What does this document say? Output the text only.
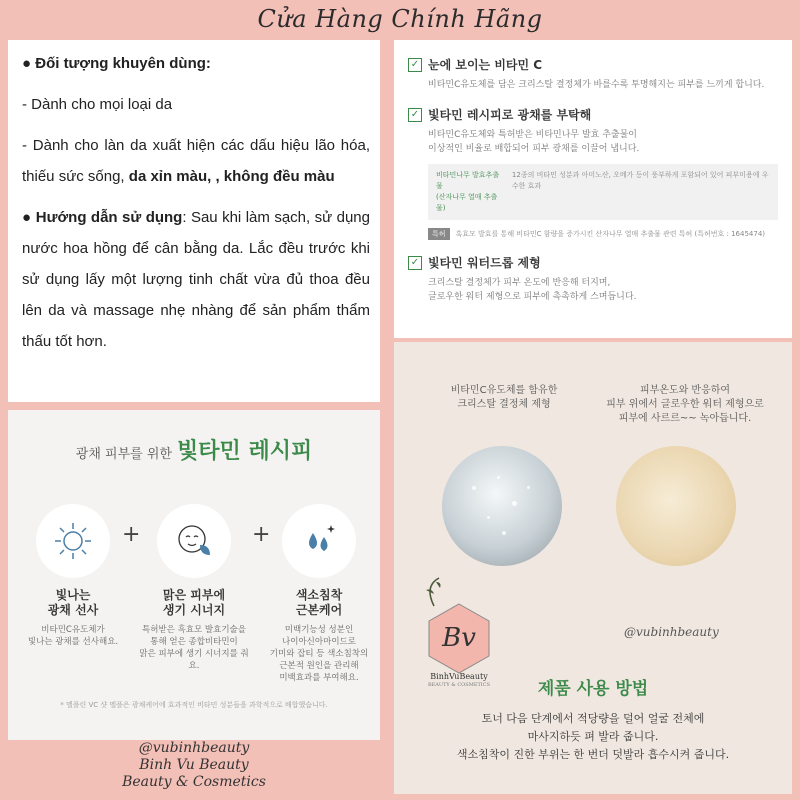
Cửa Hàng Chính Hãng

● Đối tượng khuyên dùng:

- Dành cho mọi loại da

- Dành cho làn da xuất hiện các dấu hiệu lão hóa, thiếu sức sống, da xỉn màu, , không đều màu

● Hướng dẫn sử dụng: Sau khi làm sạch, sử dụng nước hoa hồng để cân bằng da. Lắc đều trước khi sử dụng lấy một lượng tinh chất vừa đủ thoa đều lên da và massage nhẹ nhàng để sản phẩm thẩm thấu tốt hơn.

광채 피부를 위한 빛타민 레시피
빛나는
광채 선사
비타민C유도체가
빛나는 광채를 선사해요.
+
맑은 피부에
생기 시너지
특허받은 흑효모 발효기술을
통해 얻은 종합비타민이
맑은 피부에 생기 시너지를 줘요.
+
색소침착
근본케어
미백기능성 성분인
나이아신아마이드로
기미와 잡티 등 색소침착의
근본적 원인을 관리해
미백효과를 부여해요.
* 멜플린 VC 샷 멜플은 광채케어에 효과적인 비타민 성분들을 과학적으로 배합했습니다.
@vubinhbeauty
Binh Vu Beauty
Beauty & Cosmetics
✓ 눈에 보이는 비타민 C
비타민C유도체를 담은 크리스탈 결정체가 바를수록 투명해지는 피부를 느끼게 합니다.
✓ 빛타민 레시피로 광채를 부탁해
비타민C유도체와 특허받은 비타민나무 발효 추출물이
이상적인 비율로 배합되어 피부 광채를 이끌어 냅니다.
비타민나무 발효추출물
(산자나무 열매 추출물)
12종의 비타민 성분과 아미노산, 오메가 등이 풍부하게 포함되어 있어 피부미용에 우수한 효과
특허	흑효모 발효를 통해 비타민C 함량을 증가시킨 산자나무 열매 추출물 관련 특허 (특허번호 : 1645474)
✓ 빛타민 워터드롭 제형
크리스탈 결정체가 피부 온도에 반응해 터지며,
글로우한 워터 제형으로 피부에 촉촉하게 스며듭니다.
비타민C유도체를 함유한
크리스탈 결정체 제형
피부온도와 반응하여
피부 위에서 글로우한 워터 제형으로
피부에 사르르~~ 녹아듭니다.
@vubinhbeauty
제품 사용 방법
토너 다음 단계에서 적당량을 덜어 얼굴 전체에
마사지하듯 펴 발라 줍니다.
색소침착이 진한 부위는 한 번더 덧발라 흡수시켜 줍니다.
Bv
BinhVuBeauty
BEAUTY & COSMETICS
